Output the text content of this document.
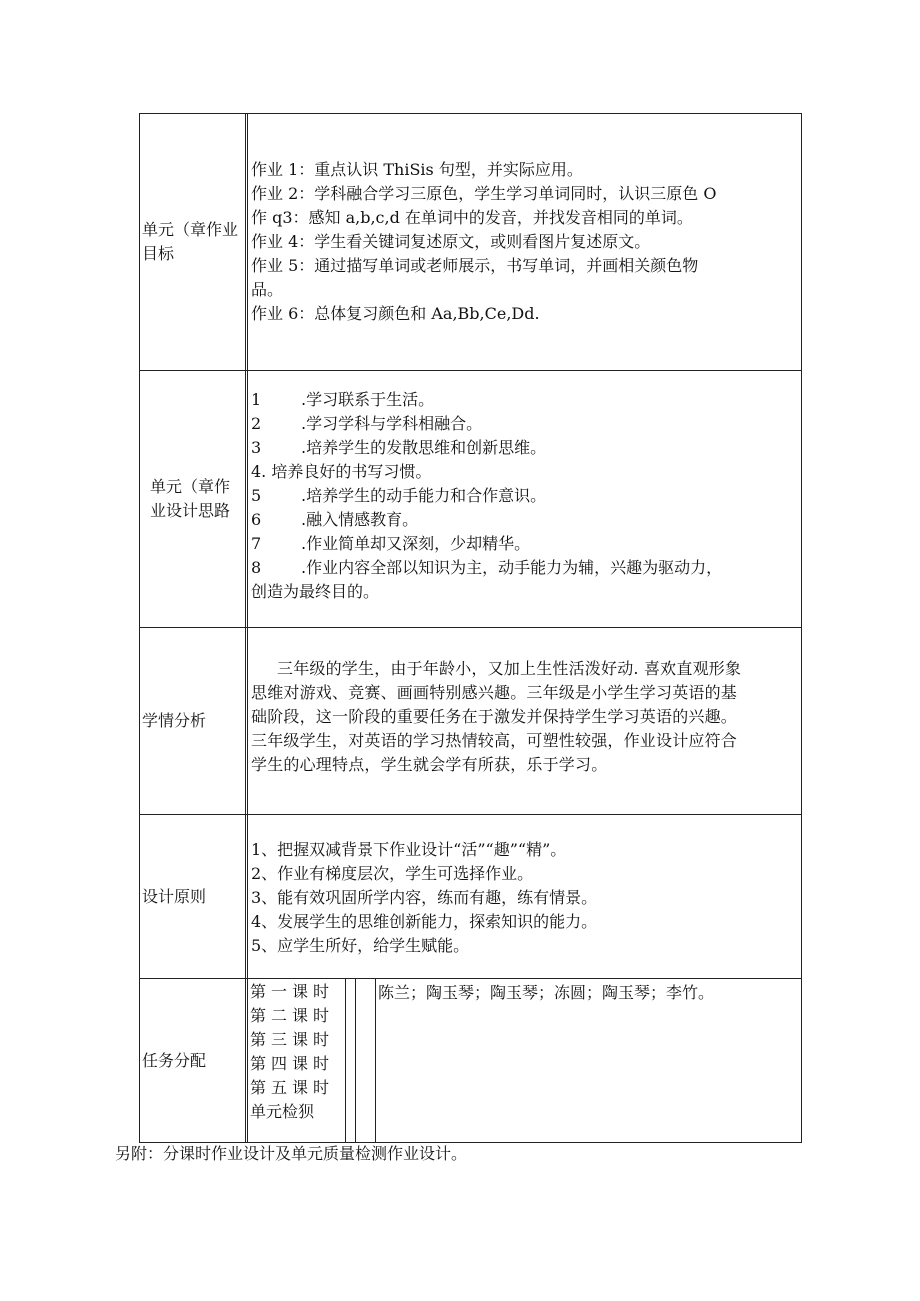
单元（章作业目标
作业 1：重点认识 ThiSis 句型，并实际应用。
作业 2：学科融合学习三原色，学生学习单词同时，认识三原色 O
作 q3：感知 a,b,c,d 在单词中的发音，并找发音相同的单词。
作业 4：学生看关键词复述原文，或则看图片复述原文。
作业 5：通过描写单词或老师展示，书写单词，并画相关颜色物
品。
作业 6：总体复习颜色和 Aa,Bb,Ce,Dd.
单元（章作业设计思路
1 .学习联系于生活。
2 .学习学科与学科相融合。
3 .培养学生的发散思维和创新思维。
4. 培养良好的书写习惯。
5 .培养学生的动手能力和合作意识。
6 .融入情感教育。
7 .作业简单却又深刻，少却精华。
8 .作业内容全部以知识为主，动手能力为辅，兴趣为驱动力，
创造为最终目的。
学情分析
三年级的学生，由于年龄小，又加上生性活泼好动. 喜欢直观形象
思维对游戏、竞赛、画画特别感兴趣。三年级是小学生学习英语的基
础阶段，这一阶段的重要任务在于激发并保持学生学习英语的兴趣。
三年级学生，对英语的学习热情较高，可塑性较强，作业设计应符合
学生的心理特点，学生就会学有所获，乐于学习。
设计原则
1、把握双减背景下作业设计“活”“趣”“精”。
2、作业有梯度层次，学生可选择作业。
3、能有效巩固所学内容，练而有趣，练有情景。
4、发展学生的思维创新能力，探索知识的能力。
5、应学生所好，给学生赋能。
任务分配
第一课时
第二课时
第三课时
第四课时
第五课时
单元检狈
陈兰；陶玉琴；陶玉琴；冻圆；陶玉琴；李竹。
另附：分课时作业设计及单元质量检测作业设计。
